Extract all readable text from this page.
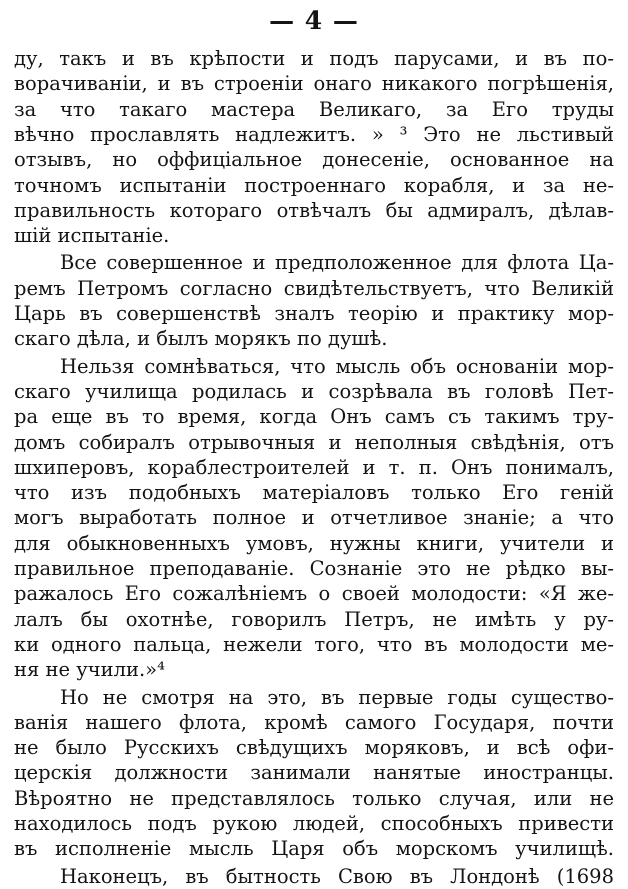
— 4 —
ду, такъ и въ крѣпости и подъ парусами, и въ по-
ворачиваніи, и въ строеніи онаго никакого погрѣшенія,
за что такаго мастера Великаго, за Его труды
вѣчно прославлять надлежитъ. » ³ Это не льстивый
отзывъ, но оффиціальное донесеніе, основанное на
точномъ испытаніи построеннаго корабля, и за не-
правильность котораго отвѣчалъ бы адмиралъ, дѣлав-
шій испытаніе.
Все совершенное и предположенное для флота Ца-
ремъ Петромъ согласно свидѣтельствуетъ, что Великій
Царь въ совершенствѣ зналъ теорію и практику мор-
скаго дѣла, и былъ морякъ по душѣ.
Нельзя сомнѣваться, что мысль объ основаніи мор-
скаго училища родилась и созрѣвала въ головѣ Пет-
ра еще въ то время, когда Онъ самъ съ такимъ тру-
домъ собиралъ отрывочныя и неполныя свѣдѣнія, отъ
шхиперовъ, кораблестроителей и т. п. Онъ понималъ,
что изъ подобныхъ матеріаловъ только Его геній
могъ выработать полное и отчетливое знаніе; а что
для обыкновенныхъ умовъ, нужны книги, учители и
правильное преподаваніе. Сознаніе это не рѣдко вы-
ражалось Его сожалѣніемъ о своей молодости: «Я же-
лалъ бы охотнѣе, говорилъ Петръ, не имѣть у ру-
ки одного пальца, нежели того, что въ молодости ме-
ня не учили.»⁴
Но не смотря на это, въ первые годы существо-
ванія нашего флота, кромѣ самого Государя, почти
не было Русскихъ свѣдущихъ моряковъ, и всѣ офи-
церскія должности занимали нанятые иностранцы.
Вѣроятно не представлялось только случая, или не
находилось подъ рукою людей, способныхъ привести
въ исполненіе мысль Царя объ морскомъ училищѣ.
Наконецъ, въ бытность Свою въ Лондонѣ (1698
